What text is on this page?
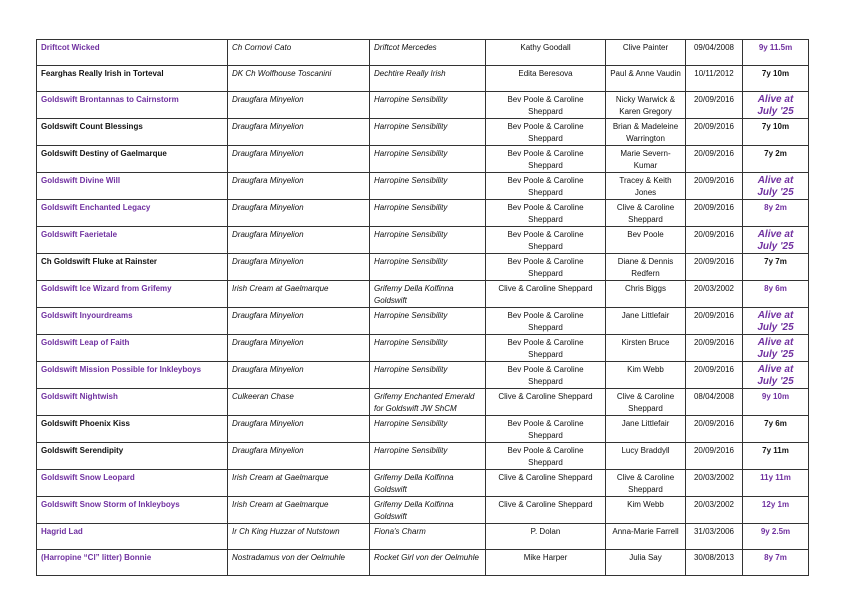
Driftcot Wicked	Ch Cornovi Cato	Driftcot Mercedes	Kathy Goodall	Clive Painter	09/04/2008	9y 11.5m
Fearghas Really Irish in Torteval	DK Ch Wolfhouse Toscanini	Dechtire Really Irish	Edita Beresova	Paul & Anne Vaudin	10/11/2012	7y 10m
Goldswift Brontannas to Cairnstorm	Draugfara Minyelion	Harropine Sensibility	Bev Poole & Caroline Sheppard	Nicky Warwick & Karen Gregory	20/09/2016	Alive at July '25
Goldswift Count Blessings	Draugfara Minyelion	Harropine Sensibility	Bev Poole & Caroline Sheppard	Brian & Madeleine Warrington	20/09/2016	7y 10m
Goldswift Destiny of Gaelmarque	Draugfara Minyelion	Harropine Sensibility	Bev Poole & Caroline Sheppard	Marie Severn-Kumar	20/09/2016	7y 2m
Goldswift Divine Will	Draugfara Minyelion	Harropine Sensibility	Bev Poole & Caroline Sheppard	Tracey & Keith Jones	20/09/2016	Alive at July '25
Goldswift Enchanted Legacy	Draugfara Minyelion	Harropine Sensibility	Bev Poole & Caroline Sheppard	Clive & Caroline Sheppard	20/09/2016	8y 2m
Goldswift Faerietale	Draugfara Minyelion	Harropine Sensibility	Bev Poole & Caroline Sheppard	Bev Poole	20/09/2016	Alive at July '25
Ch Goldswift Fluke at Rainster	Draugfara Minyelion	Harropine Sensibility	Bev Poole & Caroline Sheppard	Diane & Dennis Redfern	20/09/2016	7y 7m
Goldswift Ice Wizard from Grifemy	Irish Cream at Gaelmarque	Grifemy Della Kolfinna Goldswift	Clive & Caroline Sheppard	Chris Biggs	20/03/2002	8y 6m
Goldswift Inyourdreams	Draugfara Minyelion	Harropine Sensibility	Bev Poole & Caroline Sheppard	Jane Littlefair	20/09/2016	Alive at July '25
Goldswift Leap of Faith	Draugfara Minyelion	Harropine Sensibility	Bev Poole & Caroline Sheppard	Kirsten Bruce	20/09/2016	Alive at July '25
Goldswift Mission Possible for Inkleyboys	Draugfara Minyelion	Harropine Sensibility	Bev Poole & Caroline Sheppard	Kim Webb	20/09/2016	Alive at July '25
Goldswift Nightwish	Culkeeran Chase	Grifemy Enchanted Emerald for Goldswift JW ShCM	Clive & Caroline Sheppard	Clive & Caroline Sheppard	08/04/2008	9y 10m
Goldswift Phoenix Kiss	Draugfara Minyelion	Harropine Sensibility	Bev Poole & Caroline Sheppard	Jane Littlefair	20/09/2016	7y 6m
Goldswift Serendipity	Draugfara Minyelion	Harropine Sensibility	Bev Poole & Caroline Sheppard	Lucy Braddyll	20/09/2016	7y 11m
Goldswift Snow Leopard	Irish Cream at Gaelmarque	Grifemy Della Kolfinna Goldswift	Clive & Caroline Sheppard	Clive & Caroline Sheppard	20/03/2002	11y 11m
Goldswift Snow Storm of Inkleyboys	Irish Cream at Gaelmarque	Grifemy Della Kolfinna Goldswift	Clive & Caroline Sheppard	Kim Webb	20/03/2002	12y 1m
Hagrid Lad	Ir Ch King Huzzar of Nutstown	Fiona's Charm	P. Dolan	Anna-Marie Farrell	31/03/2006	9y 2.5m
(Harropine “Cl” litter) Bonnie	Nostradamus von der Oelmuhle	Rocket Girl von der Oelmuhle	Mike Harper	Julia Say	30/08/2013	8y 7m
